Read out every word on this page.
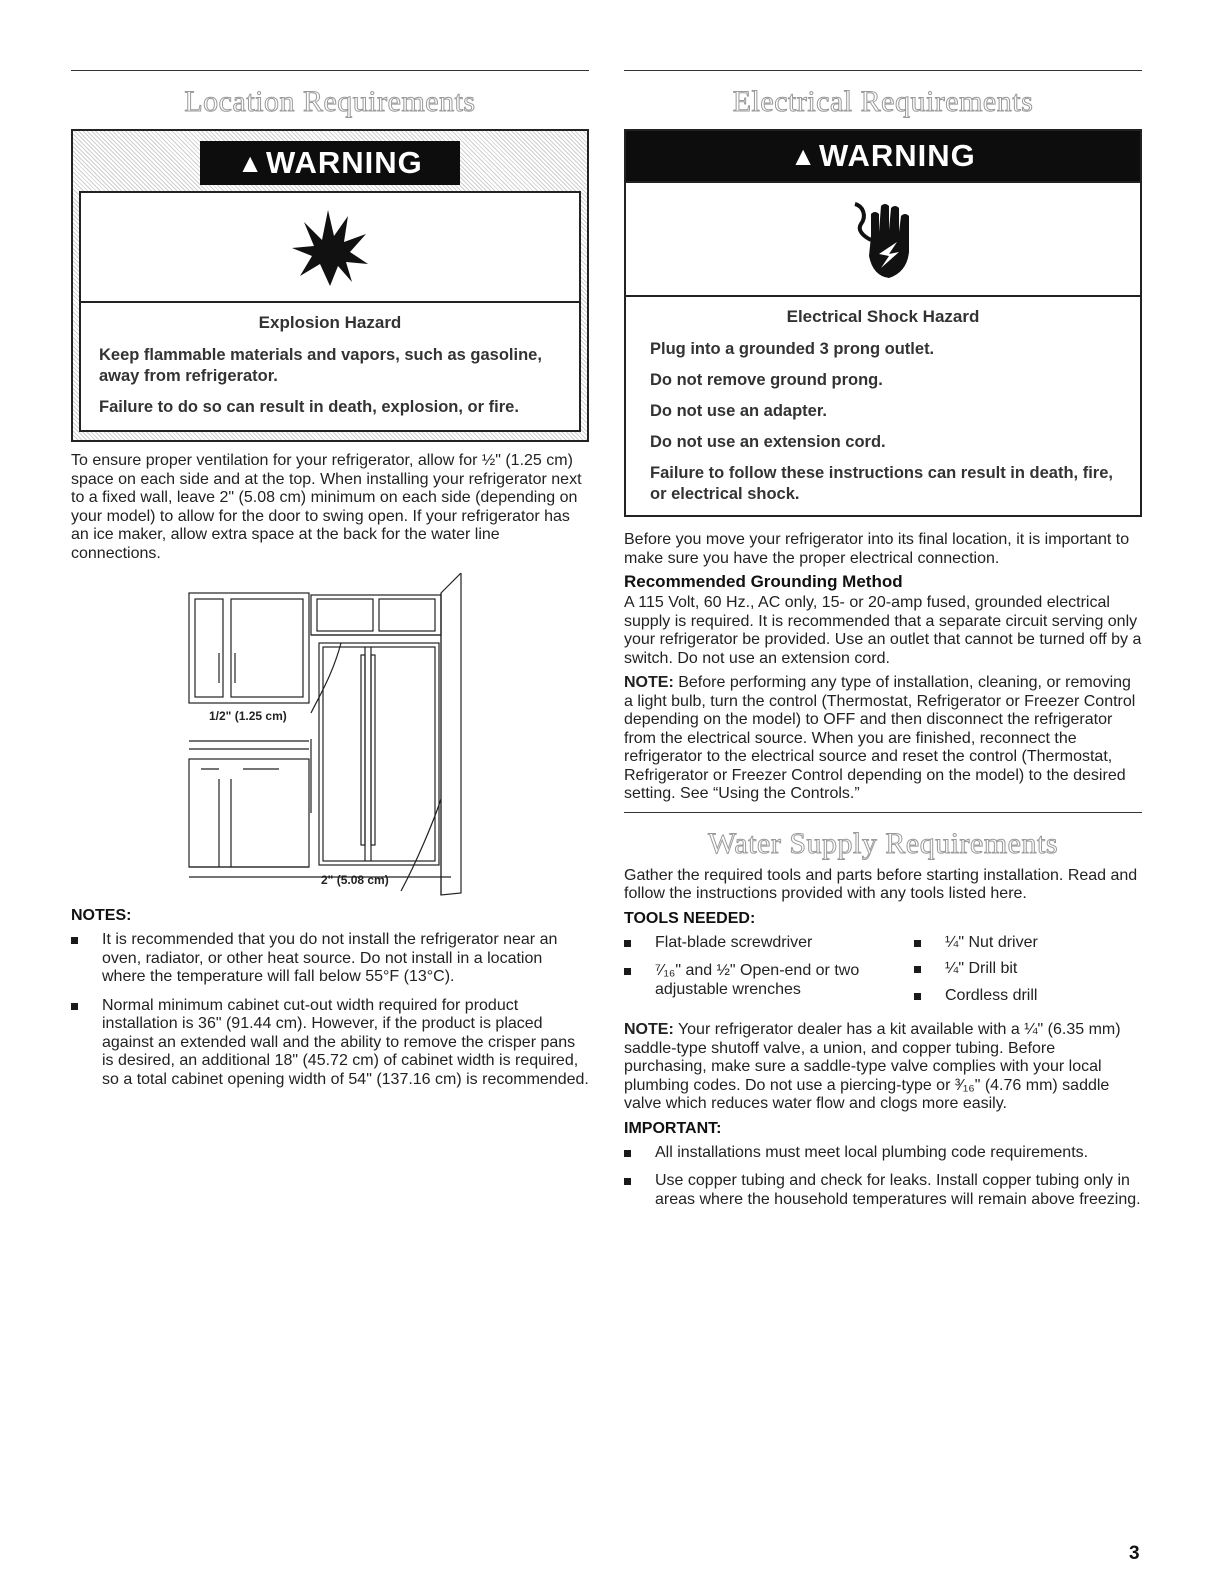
Location Requirements
▲ WARNING
Explosion Hazard
Keep flammable materials and vapors, such as gasoline, away from refrigerator.
Failure to do so can result in death, explosion, or fire.

To ensure proper ventilation for your refrigerator, allow for ½" (1.25 cm) space on each side and at the top. When installing your refrigerator next to a fixed wall, leave 2" (5.08 cm) minimum on each side (depending on your model) to allow for the door to swing open. If your refrigerator has an ice maker, allow extra space at the back for the water line connections.

1/2" (1.25 cm)
2" (5.08 cm)
NOTES:
It is recommended that you do not install the refrigerator near an oven, radiator, or other heat source. Do not install in a location where the temperature will fall below 55°F (13°C).
Normal minimum cabinet cut-out width required for product installation is 36" (91.44 cm). However, if the product is placed against an extended wall and the ability to remove the crisper pans is desired, an additional 18" (45.72 cm) of cabinet width is required, so a total cabinet opening width of 54" (137.16 cm) is recommended.
Electrical Requirements
▲ WARNING
Electrical Shock Hazard
Plug into a grounded 3 prong outlet.
Do not remove ground prong.
Do not use an adapter.
Do not use an extension cord.
Failure to follow these instructions can result in death, fire, or electrical shock.

Before you move your refrigerator into its final location, it is important to make sure you have the proper electrical connection.

Recommended Grounding Method

A 115 Volt, 60 Hz., AC only, 15- or 20-amp fused, grounded electrical supply is required. It is recommended that a separate circuit serving only your refrigerator be provided. Use an outlet that cannot be turned off by a switch. Do not use an extension cord.

NOTE: Before performing any type of installation, cleaning, or removing a light bulb, turn the control (Thermostat, Refrigerator or Freezer Control depending on the model) to OFF and then disconnect the refrigerator from the electrical source. When you are finished, reconnect the refrigerator to the electrical source and reset the control (Thermostat, Refrigerator or Freezer Control depending on the model) to the desired setting. See “Using the Controls.”

Water Supply Requirements

Gather the required tools and parts before starting installation. Read and follow the instructions provided with any tools listed here.

TOOLS NEEDED:
Flat-blade screwdriver
⁷⁄₁₆" and ½" Open-end or two adjustable wrenches
¼" Nut driver
¼" Drill bit
Cordless drill

NOTE: Your refrigerator dealer has a kit available with a ¼" (6.35 mm) saddle-type shutoff valve, a union, and copper tubing. Before purchasing, make sure a saddle-type valve complies with your local plumbing codes. Do not use a piercing-type or ³⁄₁₆" (4.76 mm) saddle valve which reduces water flow and clogs more easily.

IMPORTANT:
All installations must meet local plumbing code requirements.
Use copper tubing and check for leaks. Install copper tubing only in areas where the household temperatures will remain above freezing.
3
